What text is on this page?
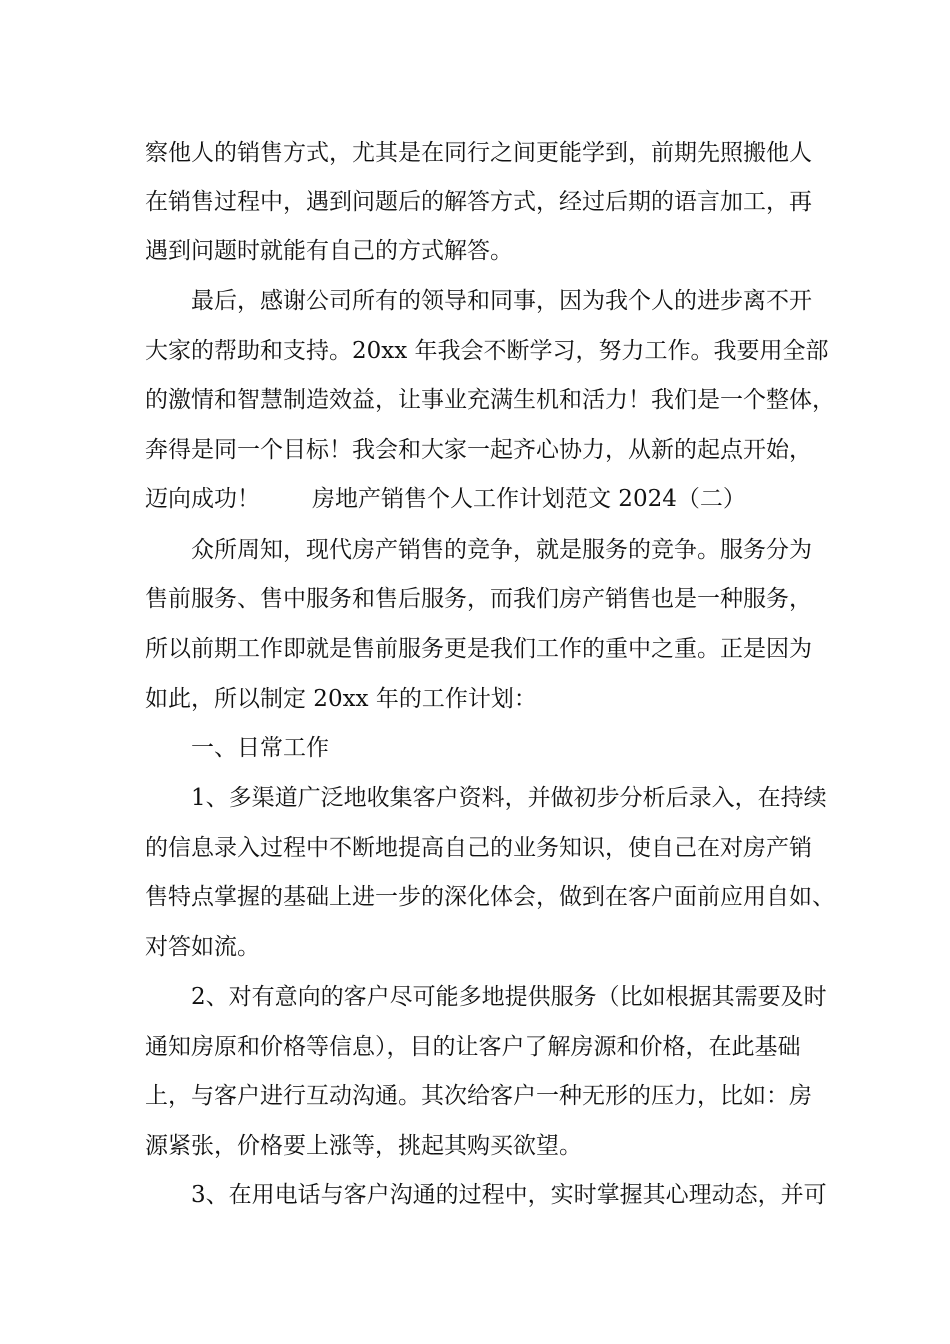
察他人的销售方式，尤其是在同行之间更能学到，前期先照搬他人
在销售过程中，遇到问题后的解答方式，经过后期的语言加工，再
遇到问题时就能有自己的方式解答。
最后，感谢公司所有的领导和同事，因为我个人的进步离不开
大家的帮助和支持。20xx 年我会不断学习，努力工作。我要用全部
的激情和智慧制造效益，让事业充满生机和活力！我们是一个整体，
奔得是同一个目标！我会和大家一起齐心协力，从新的起点开始，
迈向成功！ 房地产销售个人工作计划范文 2024（二）
众所周知，现代房产销售的竞争，就是服务的竞争。服务分为
售前服务、售中服务和售后服务，而我们房产销售也是一种服务，
所以前期工作即就是售前服务更是我们工作的重中之重。正是因为
如此，所以制定 20xx 年的工作计划：
一、日常工作
1、多渠道广泛地收集客户资料，并做初步分析后录入，在持续
的信息录入过程中不断地提高自己的业务知识，使自己在对房产销
售特点掌握的基础上进一步的深化体会，做到在客户面前应用自如、
对答如流。
2、对有意向的客户尽可能多地提供服务（比如根据其需要及时
通知房原和价格等信息），目的让客户了解房源和价格，在此基础
上，与客户进行互动沟通。其次给客户一种无形的压力，比如：房
源紧张，价格要上涨等，挑起其购买欲望。
3、在用电话与客户沟通的过程中，实时掌握其心理动态，并可
